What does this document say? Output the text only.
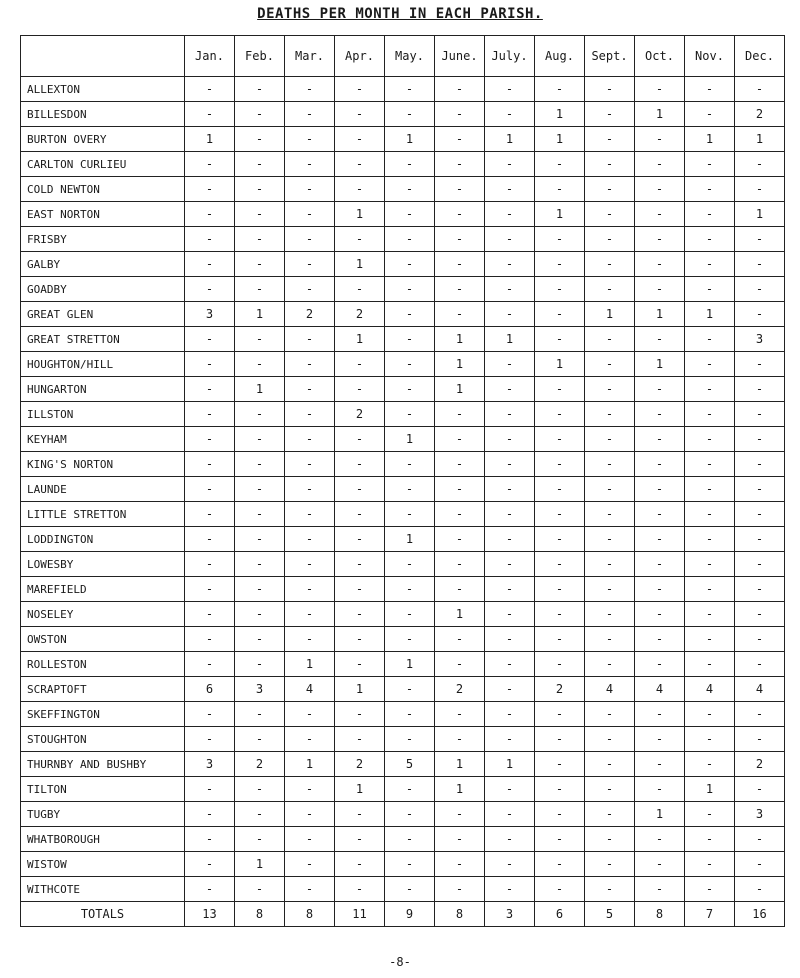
DEATHS PER MONTH IN EACH PARISH.
	Jan.	Feb.	Mar.	Apr.	May.	June.	July.	Aug.	Sept.	Oct.	Nov.	Dec.
ALLEXTON	-	-	-	-	-	-	-	-	-	-	-	-
BILLESDON	-	-	-	-	-	-	-	1	-	1	-	2
BURTON OVERY	1	-	-	-	1	-	1	1	-	-	1	1
CARLTON CURLIEU	-	-	-	-	-	-	-	-	-	-	-	-
COLD NEWTON	-	-	-	-	-	-	-	-	-	-	-	-
EAST NORTON	-	-	-	1	-	-	-	1	-	-	-	1
FRISBY	-	-	-	-	-	-	-	-	-	-	-	-
GALBY	-	-	-	1	-	-	-	-	-	-	-	-
GOADBY	-	-	-	-	-	-	-	-	-	-	-	-
GREAT GLEN	3	1	2	2	-	-	-	-	1	1	1	-
GREAT STRETTON	-	-	-	1	-	1	1	-	-	-	-	3
HOUGHTON/HILL	-	-	-	-	-	1	-	1	-	1	-	-
HUNGARTON	-	1	-	-	-	1	-	-	-	-	-	-
ILLSTON	-	-	-	2	-	-	-	-	-	-	-	-
KEYHAM	-	-	-	-	1	-	-	-	-	-	-	-
KING'S NORTON	-	-	-	-	-	-	-	-	-	-	-	-
LAUNDE	-	-	-	-	-	-	-	-	-	-	-	-
LITTLE STRETTON	-	-	-	-	-	-	-	-	-	-	-	-
LODDINGTON	-	-	-	-	1	-	-	-	-	-	-	-
LOWESBY	-	-	-	-	-	-	-	-	-	-	-	-
MAREFIELD	-	-	-	-	-	-	-	-	-	-	-	-
NOSELEY	-	-	-	-	-	1	-	-	-	-	-	-
OWSTON	-	-	-	-	-	-	-	-	-	-	-	-
ROLLESTON	-	-	1	-	1	-	-	-	-	-	-	-
SCRAPTOFT	6	3	4	1	-	2	-	2	4	4	4	4
SKEFFINGTON	-	-	-	-	-	-	-	-	-	-	-	-
STOUGHTON	-	-	-	-	-	-	-	-	-	-	-	-
THURNBY AND BUSHBY	3	2	1	2	5	1	1	-	-	-	-	2
TILTON	-	-	-	1	-	1	-	-	-	-	1	-
TUGBY	-	-	-	-	-	-	-	-	-	1	-	3
WHATBOROUGH	-	-	-	-	-	-	-	-	-	-	-	-
WISTOW	-	1	-	-	-	-	-	-	-	-	-	-
WITHCOTE	-	-	-	-	-	-	-	-	-	-	-	-
TOTALS	13	8	8	11	9	8	3	6	5	8	7	16
-8-
